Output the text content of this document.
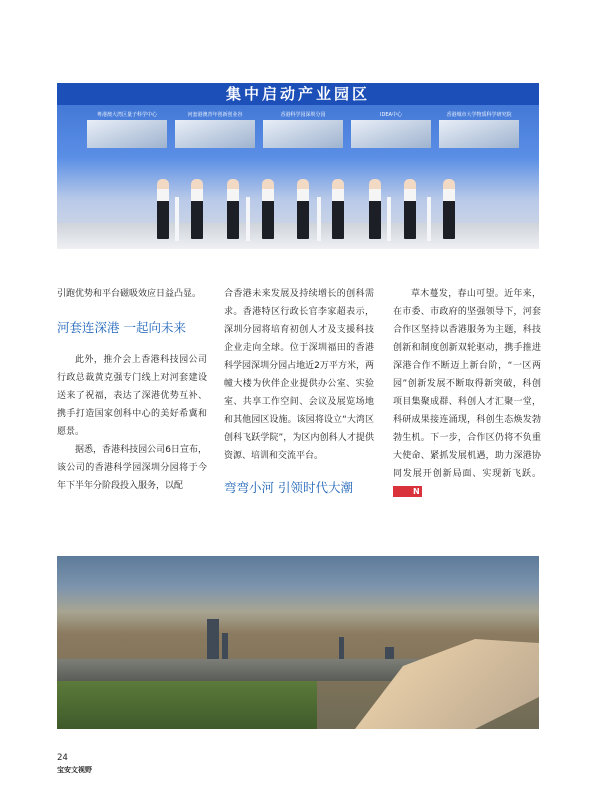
集中启动产业园区
粤港澳大湾区量子科学中心	河套港澳青年创新创业谷	香港科学园深圳分园	IDEA中心	香港城市大学物质科学研究院

引跑优势和平台磁吸效应日益凸显。

河套连深港 一起向未来

此外，推介会上香港科技园公司行政总裁黄克强专门线上对河套建设送来了祝福，表达了深港优势互补、携手打造国家创科中心的美好希冀和愿景。

据悉，香港科技园公司6日宣布，该公司的香港科学园深圳分园将于今年下半年分阶段投入服务，以配

合香港未来发展及持续增长的创科需求。香港特区行政长官李家超表示，深圳分园将培育初创人才及支援科技企业走向全球。位于深圳福田的香港科学园深圳分园占地近2万平方米，两幢大楼为伙伴企业提供办公室、实验室、共享工作空间、会议及展览场地和其他园区设施。该园将设立“大湾区创科飞跃学院”，为区内创科人才提供资源、培训和交流平台。

弯弯小河 引领时代大潮

草木蔓发，春山可望。近年来，在市委、市政府的坚强领导下，河套合作区坚持以香港服务为主题，科技创新和制度创新双轮驱动，携手推进深港合作不断迈上新台阶，“一区两园”创新发展不断取得新突破，科创项目集聚成群、科创人才汇聚一堂，科研成果接连涌现，科创生态焕发勃勃生机。下一步，合作区仍将不负重大使命、紧抓发展机遇，助力深港协同发展开创新局面、实现新飞跃。 N

24
宝安文视野
